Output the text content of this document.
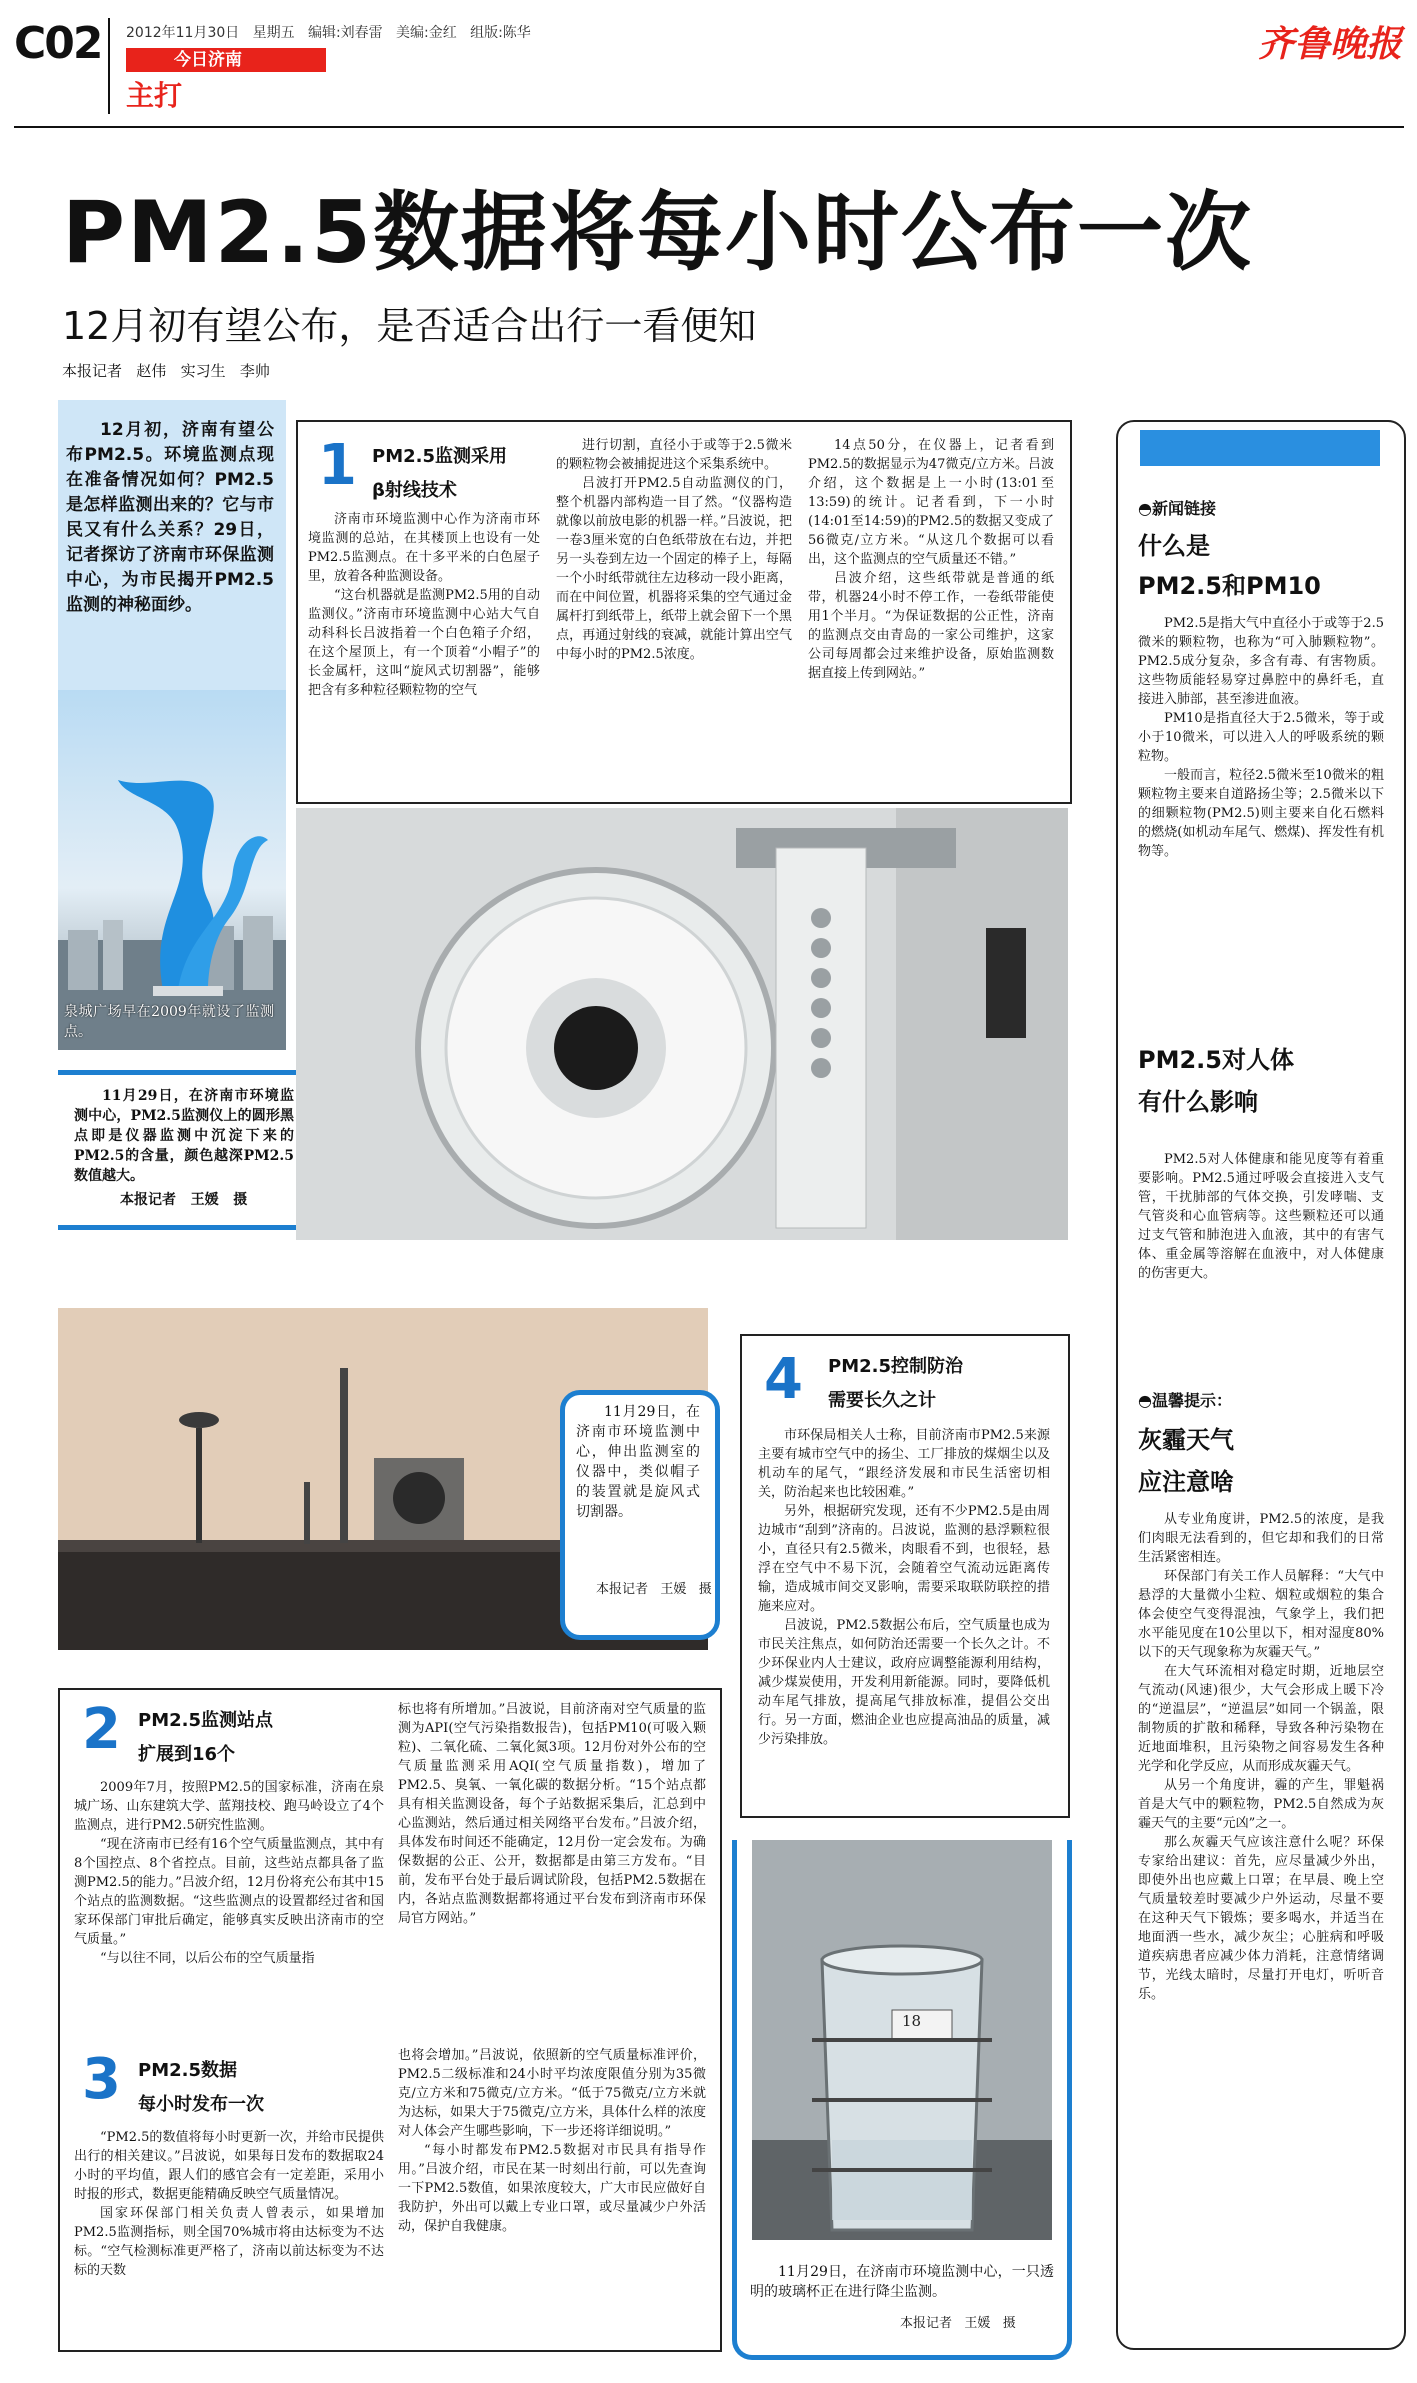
C02 2012年11月30日   星期五   编辑:刘春雷   美编:金红   组版:陈华
今日济南
主打
齐鲁晚报
PM2.5数据将每小时公布一次
12月初有望公布，是否适合出行一看便知
本报记者   赵伟   实习生   李帅
12月初，济南有望公布PM2.5。环境监测点现在准备情况如何？PM2.5是怎样监测出来的？它与市民又有什么关系？29日，记者探访了济南市环保监测中心，为市民揭开PM2.5监测的神秘面纱。
泉城广场早在2009年就设了监测点。
11月29日，在济南市环境监测中心，PM2.5监测仪上的圆形黑点即是仪器监测中沉淀下来的PM2.5的含量，颜色越深PM2.5数值越大。
本报记者   王媛   摄
1 PM2.5监测采用
β射线技术

济南市环境监测中心作为济南市环境监测的总站，在其楼顶上也设有一处PM2.5监测点。在十多平米的白色屋子里，放着各种监测设备。

“这台机器就是监测PM2.5用的自动监测仪。”济南市环境监测中心站大气自动科科长吕波指着一个白色箱子介绍，在这个屋顶上，有一个顶着“小帽子”的长金属杆，这叫“旋风式切割器”，能够把含有多种粒径颗粒物的空气

进行切割，直径小于或等于2.5微米的颗粒物会被捕捉进这个采集系统中。

吕波打开PM2.5自动监测仪的门，整个机器内部构造一目了然。“仪器构造就像以前放电影的机器一样。”吕波说，把一卷3厘米宽的白色纸带放在右边，并把另一头卷到左边一个固定的棒子上，每隔一个小时纸带就往左边移动一段小距离，而在中间位置，机器将采集的空气通过金属杆打到纸带上，纸带上就会留下一个黑点，再通过射线的衰减，就能计算出空气中每小时的PM2.5浓度。

14点50分，在仪器上，记者看到PM2.5的数据显示为47微克/立方米。吕波介绍，这个数据是上一小时(13:01至13:59)的统计。记者看到，下一小时(14:01至14:59)的PM2.5的数据又变成了56微克/立方米。“从这几个数据可以看出，这个监测点的空气质量还不错。”

吕波介绍，这些纸带就是普通的纸带，机器24小时不停工作，一卷纸带能使用1个半月。“为保证数据的公正性，济南的监测点交由青岛的一家公司维护，这家公司每周都会过来维护设备，原始监测数据直接上传到网站。”

11月29日，在济南市环境监测中心，伸出监测室的仪器中，类似帽子的装置就是旋风式切割器。
本报记者   王媛   摄
4 PM2.5控制防治
需要长久之计

市环保局相关人士称，目前济南市PM2.5来源主要有城市空气中的扬尘、工厂排放的煤烟尘以及机动车的尾气，“跟经济发展和市民生活密切相关，防治起来也比较困难。”

另外，根据研究发现，还有不少PM2.5是由周边城市“刮到”济南的。吕波说，监测的悬浮颗粒很小，直径只有2.5微米，肉眼看不到，也很轻，悬浮在空气中不易下沉，会随着空气流动远距离传输，造成城市间交叉影响，需要采取联防联控的措施来应对。

吕波说，PM2.5数据公布后，空气质量也成为市民关注焦点，如何防治还需要一个长久之计。不少环保业内人士建议，政府应调整能源利用结构，减少煤炭使用，开发利用新能源。同时，要降低机动车尾气排放，提高尾气排放标准，提倡公交出行。另一方面，燃油企业也应提高油品的质量，减少污染排放。

2 PM2.5监测站点
扩展到16个

2009年7月，按照PM2.5的国家标准，济南在泉城广场、山东建筑大学、蓝翔技校、跑马岭设立了4个监测点，进行PM2.5研究性监测。

“现在济南市已经有16个空气质量监测点，其中有8个国控点、8个省控点。目前，这些站点都具备了监测PM2.5的能力。”吕波介绍，12月份将充公布其中15个站点的监测数据。“这些监测点的设置都经过省和国家环保部门审批后确定，能够真实反映出济南市的空气质量。”

“与以往不同，以后公布的空气质量指

标也将有所增加。”吕波说，目前济南对空气质量的监测为API(空气污染指数报告)，包括PM10(可吸入颗粒)、二氧化硫、二氧化氮3项。12月份对外公布的空气质量监测采用AQI(空气质量指数)，增加了PM2.5、臭氧、一氧化碳的数据分析。“15个站点都具有相关监测设备，每个子站数据采集后，汇总到中心监测站，然后通过相关网络平台发布。”吕波介绍，具体发布时间还不能确定，12月份一定会发布。为确保数据的公正、公开，数据都是由第三方发布。“目前，发布平台处于最后调试阶段，包括PM2.5数据在内，各站点监测数据都将通过平台发布到济南市环保局官方网站。”

3 PM2.5数据
每小时发布一次

“PM2.5的数值将每小时更新一次，并给市民提供出行的相关建议。”吕波说，如果每日发布的数据取24小时的平均值，跟人们的感官会有一定差距，采用小时报的形式，数据更能精确反映空气质量情况。

国家环保部门相关负责人曾表示，如果增加PM2.5监测指标，则全国70%城市将由达标变为不达标。“空气检测标准更严格了，济南以前达标变为不达标的天数

也将会增加。”吕波说，依照新的空气质量标准评价，PM2.5二级标准和24小时平均浓度限值分别为35微克/立方米和75微克/立方米。“低于75微克/立方米就为达标，如果大于75微克/立方米，具体什么样的浓度对人体会产生哪些影响，下一步还将详细说明。”

“每小时都发布PM2.5数据对市民具有指导作用。”吕波介绍，市民在某一时刻出行前，可以先查询一下PM2.5数值，如果浓度较大，广大市民应做好自我防护，外出可以戴上专业口罩，或尽量减少户外活动，保护自我健康。

18
11月29日，在济南市环境监测中心，一只透明的玻璃杯正在进行降尘监测。
本报记者   王媛   摄
◓新闻链接
什么是
PM2.5和PM10

PM2.5是指大气中直径小于或等于2.5微米的颗粒物，也称为“可入肺颗粒物”。PM2.5成分复杂，多含有毒、有害物质。这些物质能轻易穿过鼻腔中的鼻纤毛，直接进入肺部，甚至渗进血液。

PM10是指直径大于2.5微米，等于或小于10微米，可以进入人的呼吸系统的颗粒物。

一般而言，粒径2.5微米至10微米的粗颗粒物主要来自道路扬尘等；2.5微米以下的细颗粒物(PM2.5)则主要来自化石燃料的燃烧(如机动车尾气、燃煤)、挥发性有机物等。

PM2.5对人体
有什么影响

PM2.5对人体健康和能见度等有着重要影响。PM2.5通过呼吸会直接进入支气管，干扰肺部的气体交换，引发哮喘、支气管炎和心血管病等。这些颗粒还可以通过支气管和肺泡进入血液，其中的有害气体、重金属等溶解在血液中，对人体健康的伤害更大。

◓温馨提示：
灰霾天气
应注意啥

从专业角度讲，PM2.5的浓度，是我们肉眼无法看到的，但它却和我们的日常生活紧密相连。

环保部门有关工作人员解释：“大气中悬浮的大量微小尘粒、烟粒或烟粒的集合体会使空气变得混浊，气象学上，我们把水平能见度在10公里以下，相对湿度80%以下的天气现象称为灰霾天气。”

在大气环流相对稳定时期，近地层空气流动(风速)很少，大气会形成上暖下冷的“逆温层”，“逆温层”如同一个锅盖，限制物质的扩散和稀释，导致各种污染物在近地面堆积，且污染物之间容易发生各种光学和化学反应，从而形成灰霾天气。

从另一个角度讲，霾的产生，罪魁祸首是大气中的颗粒物，PM2.5自然成为灰霾天气的主要“元凶”之一。

那么灰霾天气应该注意什么呢？环保专家给出建议：首先，应尽量减少外出，即使外出也应戴上口罩；在早晨、晚上空气质量较差时要减少户外运动，尽量不要在这种天气下锻炼；要多喝水，并适当在地面洒一些水，减少灰尘；心脏病和呼吸道疾病患者应减少体力消耗，注意情绪调节，光线太暗时，尽量打开电灯，听听音乐。
